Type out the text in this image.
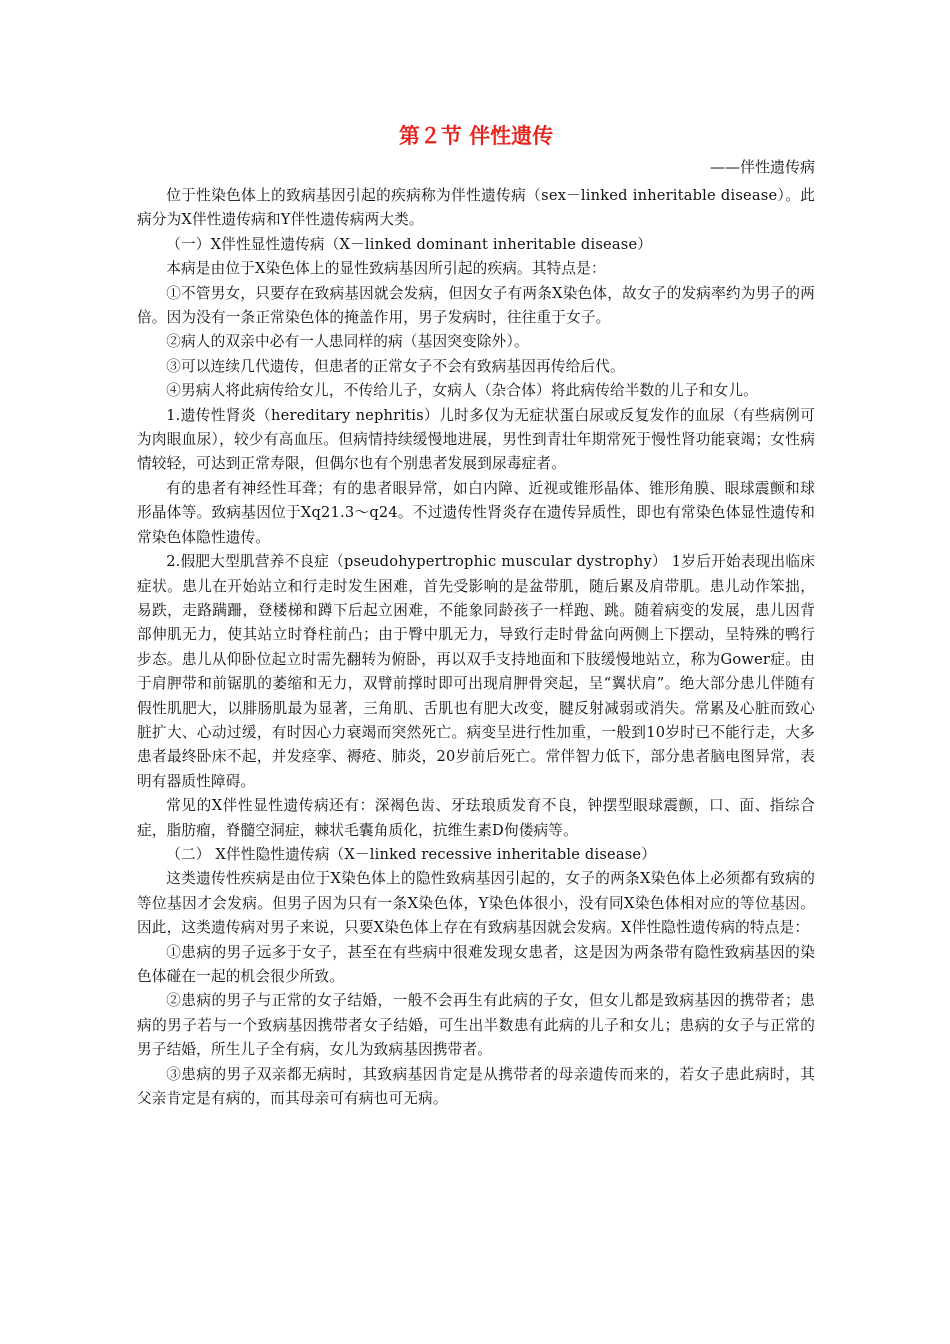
第２节 伴性遗传
——伴性遗传病

位于性染色体上的致病基因引起的疾病称为伴性遗传病（sex－linked inheritable disease）。此病分为X伴性遗传病和Y伴性遗传病两大类。

（一）X伴性显性遗传病（X－linked dominant inheritable disease）

本病是由位于X染色体上的显性致病基因所引起的疾病。其特点是：

①不管男女，只要存在致病基因就会发病，但因女子有两条X染色体，故女子的发病率约为男子的两倍。因为没有一条正常染色体的掩盖作用，男子发病时，往往重于女子。

②病人的双亲中必有一人患同样的病（基因突变除外）。

③可以连续几代遗传，但患者的正常女子不会有致病基因再传给后代。

④男病人将此病传给女儿，不传给儿子，女病人（杂合体）将此病传给半数的儿子和女儿。

1.遗传性肾炎（hereditary nephritis）儿时多仅为无症状蛋白尿或反复发作的血尿（有些病例可为肉眼血尿），较少有高血压。但病情持续缓慢地进展，男性到青壮年期常死于慢性肾功能衰竭；女性病情较轻，可达到正常寿限，但偶尔也有个别患者发展到尿毒症者。

有的患者有神经性耳聋；有的患者眼异常，如白内障、近视或锥形晶体、锥形角膜、眼球震颤和球形晶体等。致病基因位于Xq21.3～q24。不过遗传性肾炎存在遗传异质性，即也有常染色体显性遗传和常染色体隐性遗传。

2.假肥大型肌营养不良症（pseudohypertrophic muscular dystrophy） 1岁后开始表现出临床症状。患儿在开始站立和行走时发生困难，首先受影响的是盆带肌，随后累及肩带肌。患儿动作笨拙，易跌，走路蹒跚，登楼梯和蹲下后起立困难，不能象同龄孩子一样跑、跳。随着病变的发展，患儿因背部伸肌无力，使其站立时脊柱前凸；由于臀中肌无力，导致行走时骨盆向两侧上下摆动，呈特殊的鸭行步态。患儿从仰卧位起立时需先翻转为俯卧，再以双手支持地面和下肢缓慢地站立，称为Gower症。由于肩胛带和前锯肌的萎缩和无力，双臂前撑时即可出现肩胛骨突起，呈“翼状肩”。绝大部分患儿伴随有假性肌肥大，以腓肠肌最为显著，三角肌、舌肌也有肥大改变，腱反射减弱或消失。常累及心脏而致心脏扩大、心动过缓，有时因心力衰竭而突然死亡。病变呈进行性加重，一般到10岁时已不能行走，大多患者最终卧床不起，并发痉挛、褥疮、肺炎，20岁前后死亡。常伴智力低下，部分患者脑电图异常，表明有器质性障碍。

常见的X伴性显性遗传病还有：深褐色齿、牙珐琅质发育不良，钟摆型眼球震颤，口、面、指综合症，脂肪瘤，脊髓空洞症，棘状毛囊角质化，抗维生素D佝偻病等。

（二） X伴性隐性遗传病（X－linked recessive inheritable disease）

这类遗传性疾病是由位于X染色体上的隐性致病基因引起的，女子的两条X染色体上必须都有致病的等位基因才会发病。但男子因为只有一条X染色体，Y染色体很小，没有同X染色体相对应的等位基因。因此，这类遗传病对男子来说，只要X染色体上存在有致病基因就会发病。X伴性隐性遗传病的特点是：

①患病的男子远多于女子，甚至在有些病中很难发现女患者，这是因为两条带有隐性致病基因的染色体碰在一起的机会很少所致。

②患病的男子与正常的女子结婚，一般不会再生有此病的子女，但女儿都是致病基因的携带者；患病的男子若与一个致病基因携带者女子结婚，可生出半数患有此病的儿子和女儿；患病的女子与正常的男子结婚，所生儿子全有病，女儿为致病基因携带者。

③患病的男子双亲都无病时，其致病基因肯定是从携带者的母亲遗传而来的，若女子患此病时，其父亲肯定是有病的，而其母亲可有病也可无病。
